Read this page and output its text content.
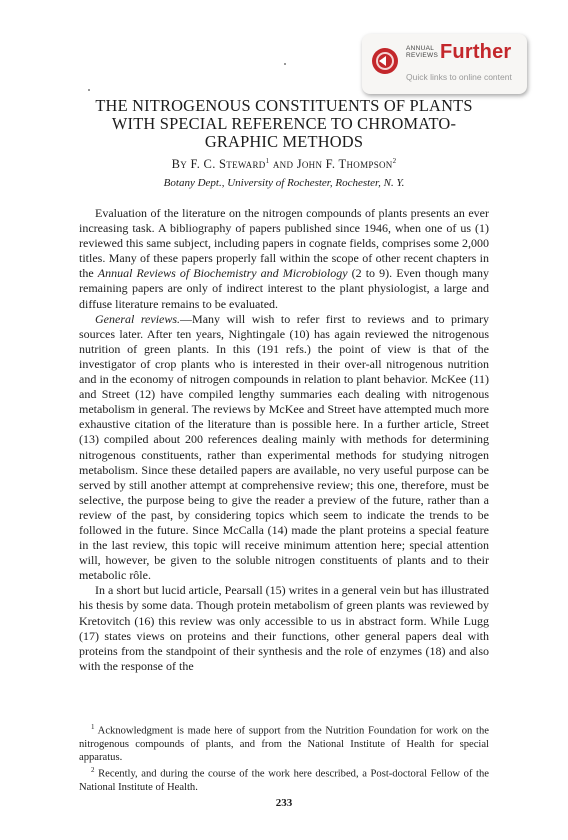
ANNUAL
REVIEWS Further
Quick links to online content
THE NITROGENOUS CONSTITUENTS OF PLANTS
WITH SPECIAL REFERENCE TO CHROMATO-
GRAPHIC METHODS
By F. C. Steward$^1$ and John F. Thompson$^2$
Botany Dept., University of Rochester, Rochester, N. Y.

Evaluation of the literature on the nitrogen compounds of plants presents an ever increasing task. A bibliography of papers published since 1946, when one of us (1) reviewed this same subject, including papers in cognate fields, comprises some 2,000 titles. Many of these papers properly fall within the scope of other recent chapters in the Annual Reviews of Biochemistry and Microbiology (2 to 9). Even though many remaining papers are only of indirect interest to the plant physiologist, a large and diffuse literature remains to be evaluated.

General reviews.—Many will wish to refer first to reviews and to primary sources later. After ten years, Nightingale (10) has again reviewed the nitrogenous nutrition of green plants. In this (191 refs.) the point of view is that of the investigator of crop plants who is interested in their over-all nitrogenous nutrition and in the economy of nitrogen compounds in relation to plant behavior. McKee (11) and Street (12) have compiled lengthy summaries each dealing with nitrogenous metabolism in general. The reviews by McKee and Street have attempted much more exhaustive citation of the literature than is possible here. In a further article, Street (13) compiled about 200 references dealing mainly with methods for determining nitrogenous constituents, rather than experimental methods for studying nitrogen metabolism. Since these detailed papers are available, no very useful purpose can be served by still another attempt at comprehensive review; this one, therefore, must be selective, the purpose being to give the reader a preview of the future, rather than a review of the past, by considering topics which seem to indicate the trends to be followed in the future. Since McCalla (14) made the plant proteins a special feature in the last review, this topic will receive minimum attention here; special attention will, however, be given to the soluble nitrogen constituents of plants and to their metabolic rôle.

In a short but lucid article, Pearsall (15) writes in a general vein but has illustrated his thesis by some data. Though protein metabolism of green plants was reviewed by Kretovitch (16) this review was only accessible to us in abstract form. While Lugg (17) states views on proteins and their functions, other general papers deal with proteins from the standpoint of their synthesis and the role of enzymes (18) and also with the response of the

$^1$ Acknowledgment is made here of support from the Nutrition Foundation for work on the nitrogenous compounds of plants, and from the National Institute of Health for special apparatus.

$^2$ Recently, and during the course of the work here described, a Post-doctoral Fellow of the National Institute of Health.

233
